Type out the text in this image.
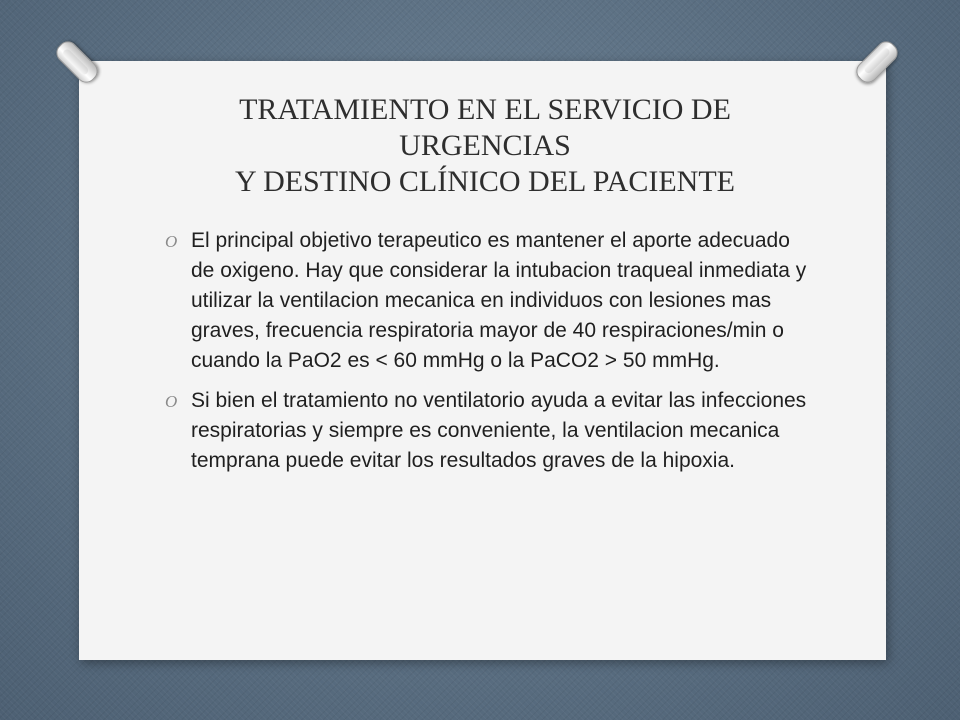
TRATAMIENTO EN EL SERVICIO DE
URGENCIAS
Y DESTINO CLÍNICO DEL PACIENTE
O El principal objetivo terapeutico es mantener el aporte adecuado de oxigeno. Hay que considerar la intubacion traqueal inmediata y utilizar la ventilacion mecanica en individuos con lesiones mas graves, frecuencia respiratoria mayor de 40 respiraciones/min o cuando la PaO2 es < 60 mmHg o la PaCO2 > 50 mmHg.
O Si bien el tratamiento no ventilatorio ayuda a evitar las infecciones respiratorias y siempre es conveniente, la ventilacion mecanica temprana puede evitar los resultados graves de la hipoxia.
